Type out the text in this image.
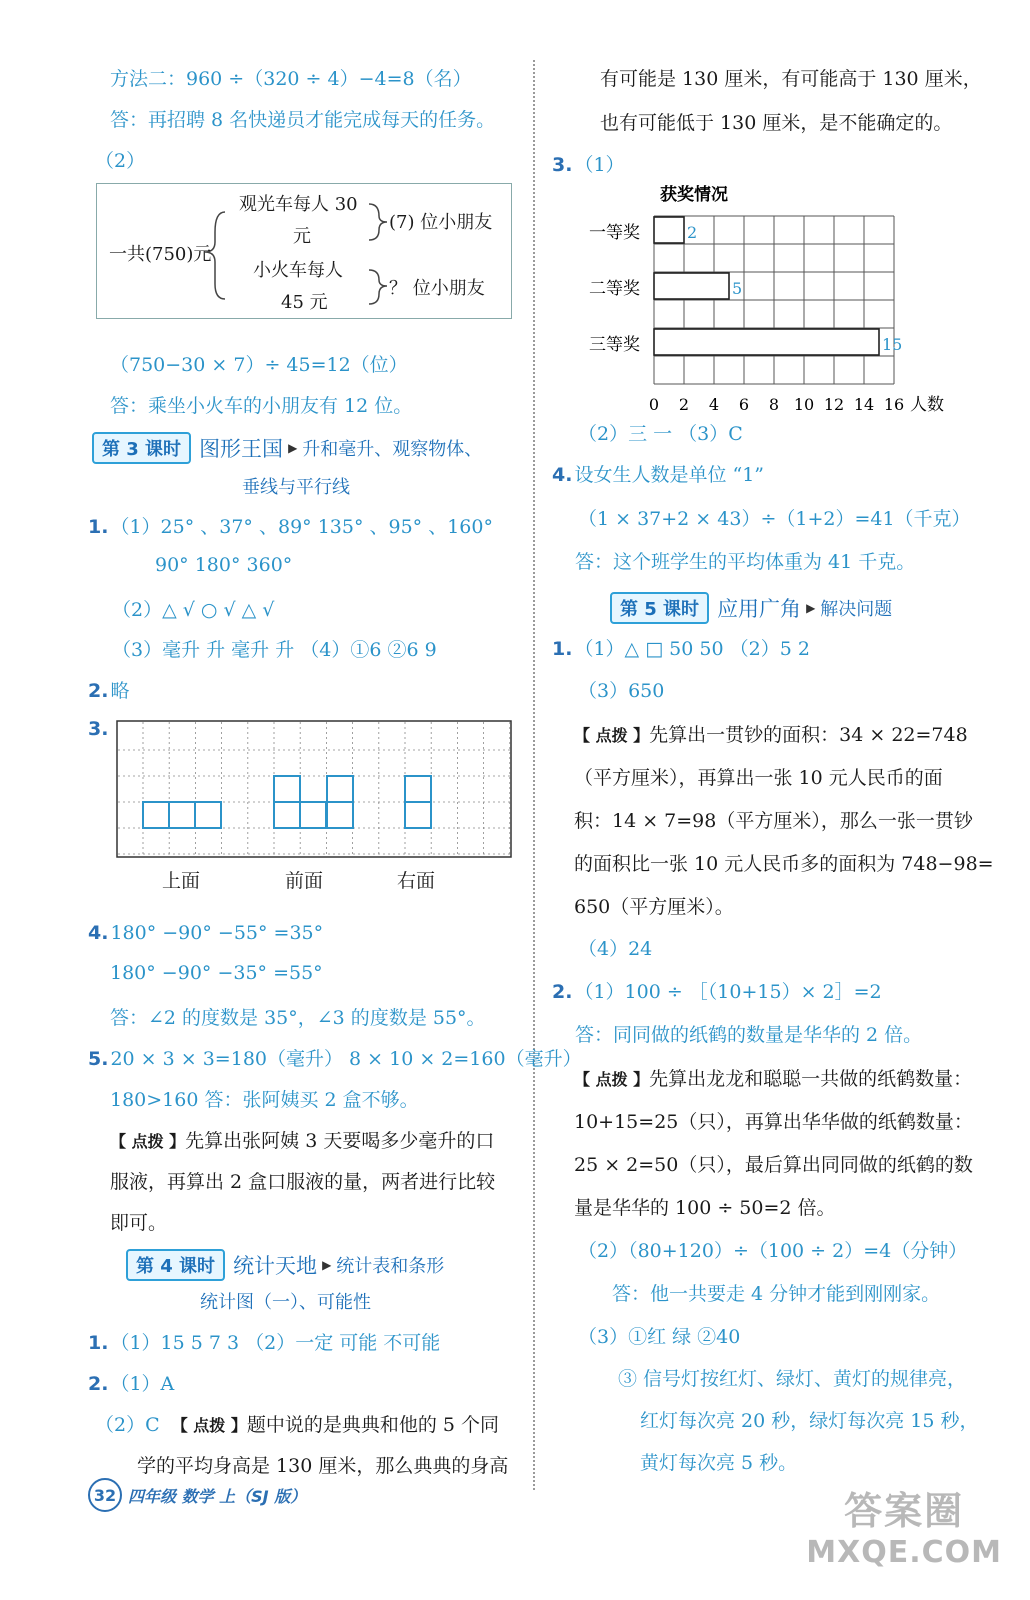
方法二：960 ÷（320 ÷ 4）−4=8（名）
答：再招聘 8 名快递员才能完成每天的任务。
（2）
一共(750)元
观光车每人 30
元
小火车每人
45 元
(7) 位小朋友
？ 位小朋友
（750−30 × 7）÷ 45=12（位）
答：乘坐小火车的小朋友有 12 位。
第 3 课时 图形王国 ▶ 升和毫升、观察物体、
垂线与平行线
1. （1）25° 、37° 、89° 135° 、95° 、160°
90° 180° 360°
（2）△ √ ○ √ △ √
（3）毫升 升 毫升 升 （4）①6 ②6 9
2. 略
3.
上面	前面	右面
4. 180° −90° −55° =35°
180° −90° −35° =55°
答：∠2 的度数是 35°，∠3 的度数是 55°。
5. 20 × 3 × 3=180（毫升） 8 × 10 × 2=160（毫升）
180>160 答：张阿姨买 2 盒不够。
【 点拨 】先算出张阿姨 3 天要喝多少毫升的口
服液，再算出 2 盒口服液的量，两者进行比较
即可。
第 4 课时 统计天地 ▶ 统计表和条形
统计图（一）、可能性
1. （1）15 5 7 3 （2）一定 可能 不可能
2. （1）A
（2）C 【 点拨 】题中说的是典典和他的 5 个同
学的平均身高是 130 厘米，那么典典的身高
有可能是 130 厘米，有可能高于 130 厘米，
也有可能低于 130 厘米，是不能确定的。
3. （1）
获奖情况
一等奖	2
二等奖	5
三等奖	15
0 2 4 6 8 10 12 14 16 人数
（2）三 一 （3）C
4. 设女生人数是单位 “1”
（1 × 37+2 × 43）÷（1+2）=41（千克）
答：这个班学生的平均体重为 41 千克。
第 5 课时 应用广角 ▶ 解决问题
1. （1）△ □ 50 50 （2）5 2
（3）650
【 点拨 】先算出一贯钞的面积：34 × 22=748
（平方厘米），再算出一张 10 元人民币的面
积：14 × 7=98（平方厘米），那么一张一贯钞
的面积比一张 10 元人民币多的面积为 748−98=
650（平方厘米）。
（4）24
2. （1）100 ÷ ［（10+15）× 2］=2
答：同同做的纸鹤的数量是华华的 2 倍。
【 点拨 】先算出龙龙和聪聪一共做的纸鹤数量：
10+15=25（只），再算出华华做的纸鹤数量：
25 × 2=50（只），最后算出同同做的纸鹤的数
量是华华的 100 ÷ 50=2 倍。
（2）（80+120）÷（100 ÷ 2）=4（分钟）
答：他一共要走 4 分钟才能到刚刚家。
（3）①红 绿 ②40
③ 信号灯按红灯、绿灯、黄灯的规律亮，
红灯每次亮 20 秒，绿灯每次亮 15 秒，
黄灯每次亮 5 秒。
32 四年级 数学 上（SJ 版）	答案圈
MXQE.COM
